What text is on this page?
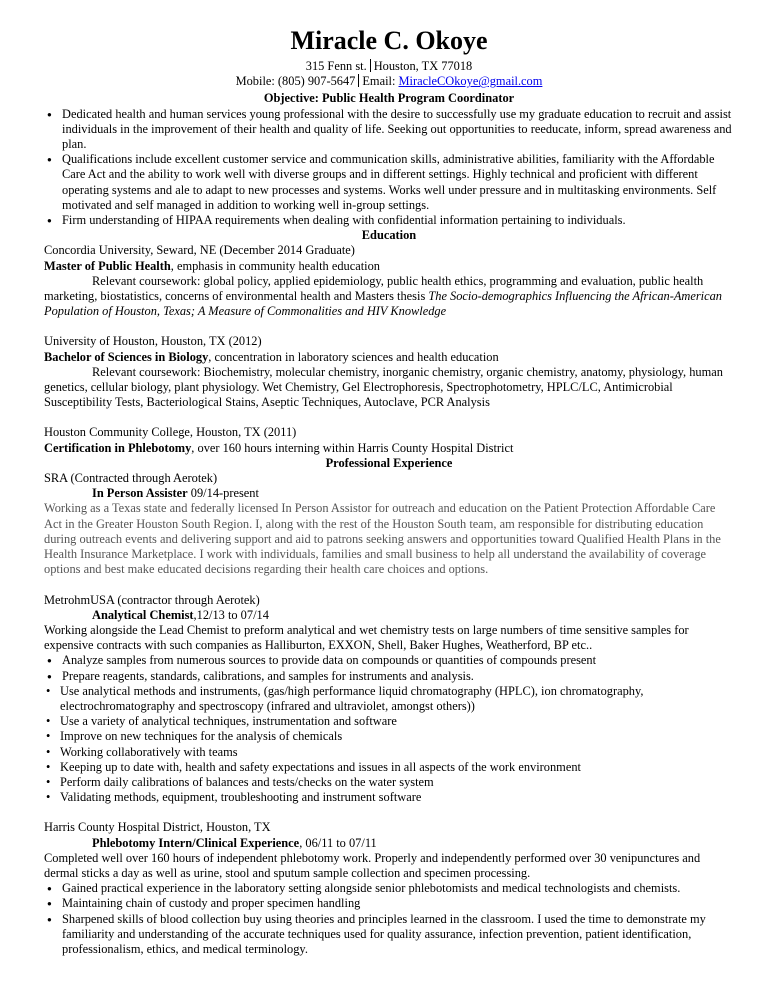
Miracle C. Okoye
315 Fenn st. Houston, TX 77018
Mobile: (805) 907-5647 Email: MiracleCOkoye@gmail.com
Objective: Public Health Program Coordinator
● Dedicated health and human services young professional with the desire to successfully use my graduate education to recruit and assist individuals in the improvement of their health and quality of life. Seeking out opportunities to reeducate, inform, spread awareness and plan.
● Qualifications include excellent customer service and communication skills, administrative abilities, familiarity with the Affordable Care Act and the ability to work well with diverse groups and in different settings. Highly technical and proficient with different operating systems and ale to adapt to new processes and systems. Works well under pressure and in multitasking environments. Self motivated and self managed in addition to working well in-group settings.
● Firm understanding of HIPAA requirements when dealing with confidential information pertaining to individuals.
Education
Concordia University, Seward, NE (December 2014 Graduate)
Master of Public Health, emphasis in community health education
Relevant coursework: global policy, applied epidemiology, public health ethics, programming and evaluation, public health marketing, biostatistics, concerns of environmental health and Masters thesis The Socio-demographics Influencing the African-American Population of Houston, Texas; A Measure of Commonalities and HIV Knowledge
University of Houston, Houston, TX (2012)
Bachelor of Sciences in Biology, concentration in laboratory sciences and health education
Relevant coursework: Biochemistry, molecular chemistry, inorganic chemistry, organic chemistry, anatomy, physiology, human genetics, cellular biology, plant physiology. Wet Chemistry, Gel Electrophoresis, Spectrophotometry, HPLC/LC, Antimicrobial Susceptibility Tests, Bacteriological Stains, Aseptic Techniques, Autoclave, PCR Analysis
Houston Community College, Houston, TX (2011)
Certification in Phlebotomy, over 160 hours interning within Harris County Hospital District
Professional Experience
SRA (Contracted through Aerotek)
In Person Assister 09/14-present
Working as a Texas state and federally licensed In Person Assistor for outreach and education on the Patient Protection Affordable Care Act in the Greater Houston South Region. I, along with the rest of the Houston South team, am responsible for distributing education during outreach events and delivering support and aid to patrons seeking answers and opportunities toward Qualified Health Plans in the Health Insurance Marketplace. I work with individuals, families and small business to help all understand the availability of coverage options and best make educated decisions regarding their health care choices and options.
MetrohmUSA (contractor through Aerotek)
Analytical Chemist,12/13 to 07/14
Working alongside the Lead Chemist to preform analytical and wet chemistry tests on large numbers of time sensitive samples for expensive contracts with such companies as Halliburton, EXXON, Shell, Baker Hughes, Weatherford, BP etc..
● Analyze samples from numerous sources to provide data on compounds or quantities of compounds present
● Prepare reagents, standards, calibrations, and samples for instruments and analysis.
• Use analytical methods and instruments, (gas/high performance liquid chromatography (HPLC), ion chromatography, electrochromatography and spectroscopy (infrared and ultraviolet, amongst others))
• Use a variety of analytical techniques, instrumentation and software
• Improve on new techniques for the analysis of chemicals
• Working collaboratively with teams
• Keeping up to date with, health and safety expectations and issues in all aspects of the work environment
• Perform daily calibrations of balances and tests/checks on the water system
• Validating methods, equipment, troubleshooting and instrument software
Harris County Hospital District, Houston, TX
Phlebotomy Intern/Clinical Experience, 06/11 to 07/11
Completed well over 160 hours of independent phlebotomy work. Properly and independently performed over 30 venipunctures and dermal sticks a day as well as urine, stool and sputum sample collection and specimen processing.
● Gained practical experience in the laboratory setting alongside senior phlebotomists and medical technologists and chemists.
● Maintaining chain of custody and proper specimen handling
● Sharpened skills of blood collection buy using theories and principles learned in the classroom. I used the time to demonstrate my familiarity and understanding of the accurate techniques used for quality assurance, infection prevention, patient identification, professionalism, ethics, and medical terminology.
